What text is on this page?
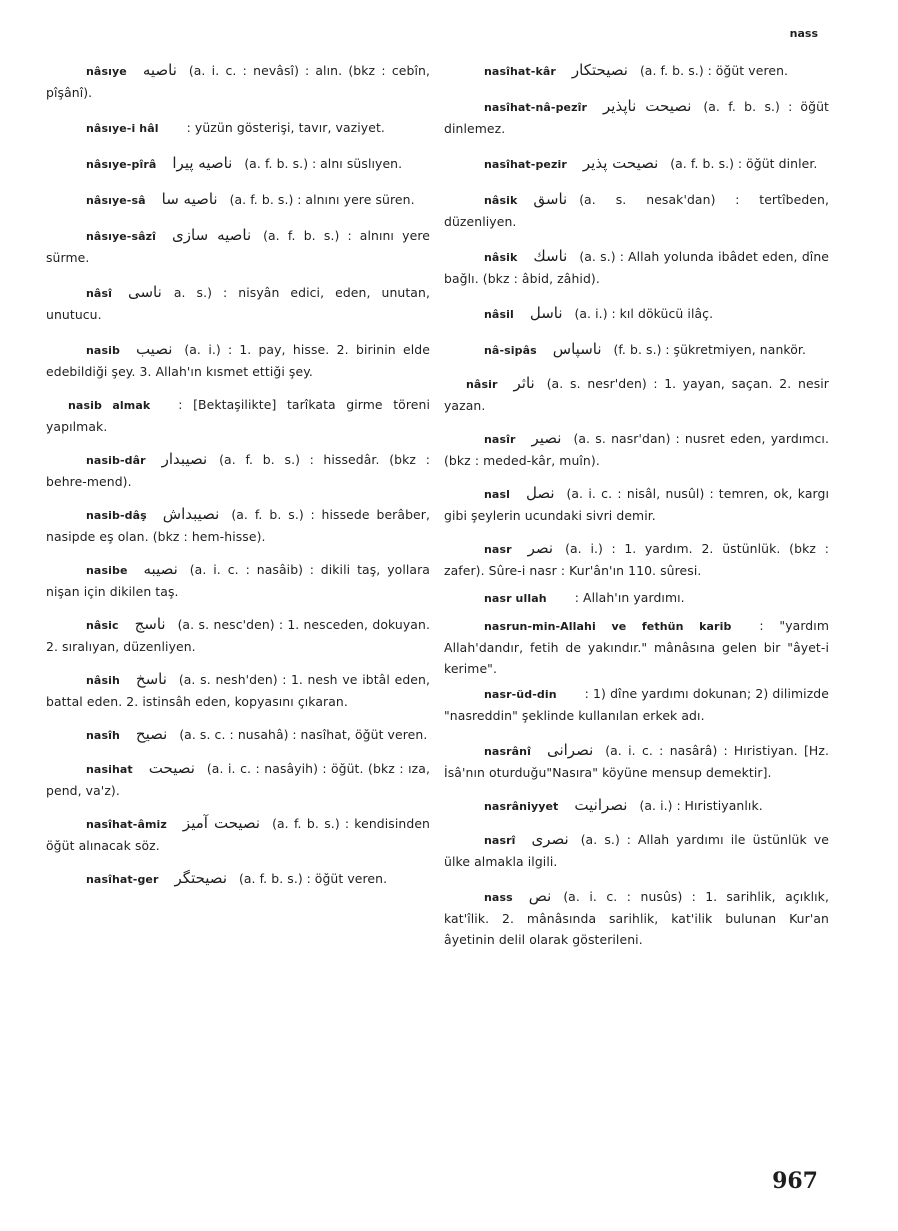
nass

nâsıye ناصيه (a. i. c. : nevâsî) : alın. (bkz : cebîn, pîşânî).

nâsıye-i hâl : yüzün gösterişi, tavır, vaziyet.

nâsıye-pîrâ ناصيه پيرا (a. f. b. s.) : alnı süslıyen.

nâsıye-sâ ناصيه سا (a. f. b. s.) : alnını yere süren.

nâsıye-sâzî ناصيه سازى (a. f. b. s.) : alnını yere sürme.

nâsî ناسى a. s.) : nisyân edici, eden, unutan, unutucu.

nasib نصيب (a. i.) : 1. pay, hisse. 2. birinin elde edebildiği şey. 3. Allah'ın kısmet ettiği şey.

nasib almak : [Bektaşilikte] tarîkata girme töreni yapılmak.

nasib-dâr نصيبدار (a. f. b. s.) : hissedâr. (bkz : behre-mend).

nasib-dâş نصيبداش (a. f. b. s.) : hissede berâber, nasipde eş olan. (bkz : hem-hisse).

nasibe نصيبه (a. i. c. : nasâib) : dikili taş, yollara nişan için dikilen taş.

nâsic ناسج (a. s. nesc'den) : 1. nescеden, dokuyan. 2. sıralıyan, düzenliyen.

nâsih ناسخ (a. s. nesh'den) : 1. nesh ve ibtâl eden, battal eden. 2. istinsâh eden, kopyasını çıkaran.

nasîh نصيح (a. s. c. : nusahâ) : nasîhat, öğüt veren.

nasihat نصيحت (a. i. c. : nasâyih) : öğüt. (bkz : ıza, pend, va'z).

nasîhat-âmiz نصيحت آميز (a. f. b. s.) : kendisinden öğüt alınacak söz.

nasîhat-ger نصيحتگر (a. f. b. s.) : öğüt veren.

nasîhat-kâr نصيحتكار (a. f. b. s.) : öğüt veren.

nasîhat-nâ-pezîr نصيحت ناپذير (a. f. b. s.) : öğüt dinlemez.

nasîhat-pezir نصيحت پذير (a. f. b. s.) : öğüt dinler.

nâsik ناسق (a. s. nesak'dan) : tertîbeden, düzenliyen.

nâsik ناسك (a. s.) : Allah yolunda ibâdet eden, dîne bağlı. (bkz : âbid, zâhid).

nâsil ناسل (a. i.) : kıl dökücü ilâç.

nâ-sipâs ناسپاس (f. b. s.) : şükretmiyen, nankör.

nâsir ناثر (a. s. nesr'den) : 1. yayan, saçan. 2. nesir yazan.

nasîr نصير (a. s. nasr'dan) : nusret eden, yardımcı. (bkz : meded-kâr, muîn).

nasl نصل (a. i. c. : nisâl, nusûl) : temren, ok, kargı gibi şeylerin ucundaki sivri demir.

nasr نصر (a. i.) : 1. yardım. 2. üstünlük. (bkz : zafer). Sûre-i nasr : Kur'ân'ın 110. sûresi.

nasr ullah : Allah'ın yardımı.

nasrun-min-Allahi ve fethün karib : "yardım Allah'dandır, fetih de yakındır." mânâsına gelen bir "âyet-i kerime".

nasr-üd-din : 1) dîne yardımı dokunan; 2) dilimizde "nasreddin" şeklinde kullanılan erkek adı.

nasrânî نصرانى (a. i. c. : nasârâ) : Hıristiyan. [Hz. İsâ'nın oturduğu"Nasıra" köyüne mensup demektir].

nasrâniyyet نصرانيت (a. i.) : Hıristiyanlık.

nasrî نصرى (a. s.) : Allah yardımı ile üstünlük ve ülke almakla ilgili.

nass نص (a. i. c. : nusûs) : 1. sarihlik, açıklık, kat'îlik. 2. mânâsında sarihlik, kat'ilik bulunan Kur'an âyetinin delil olarak gösterileni.

967
